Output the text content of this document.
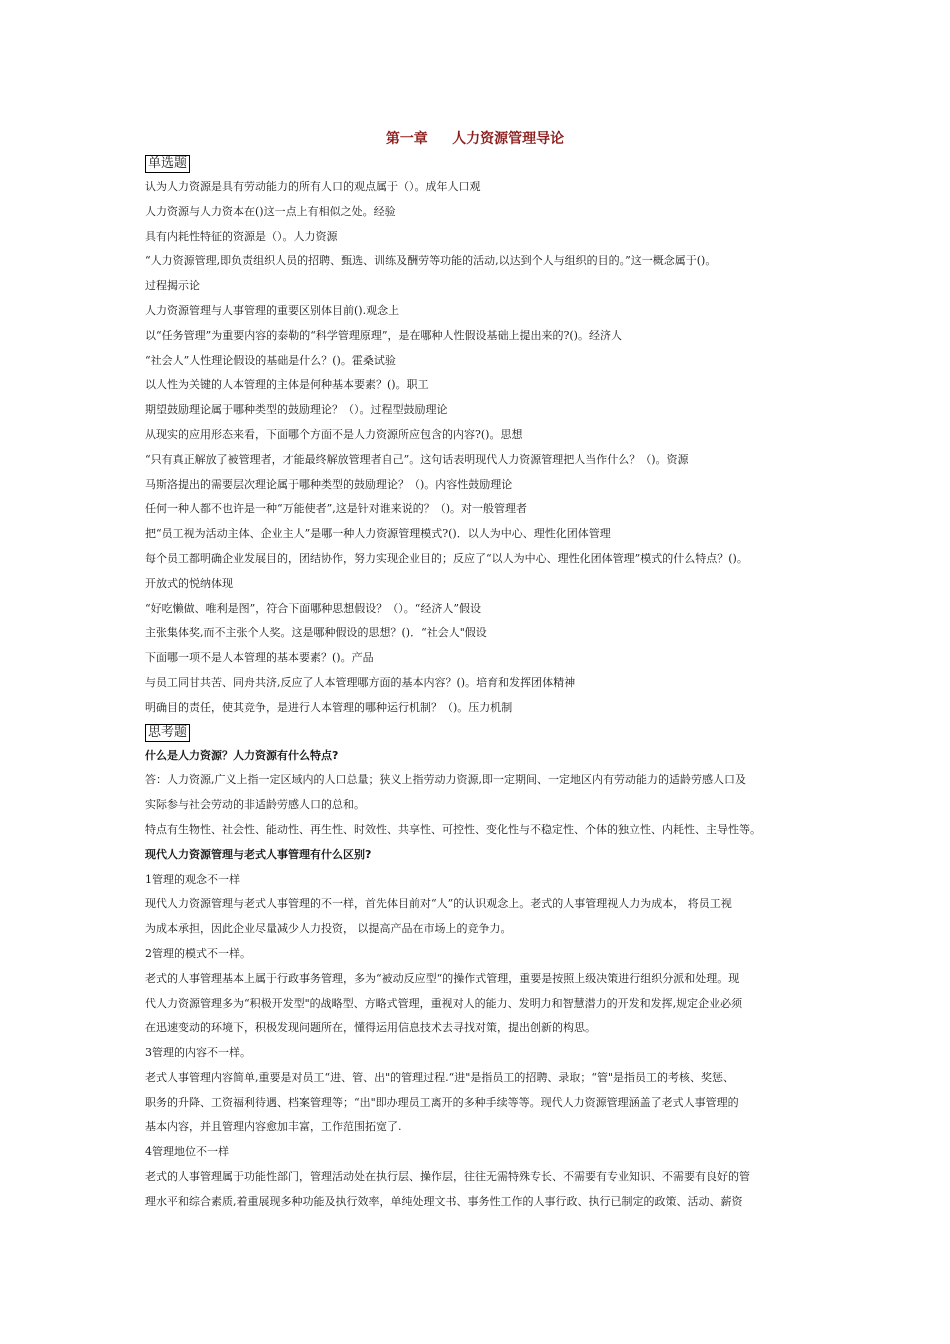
第一章     人力资源管理导论
单选题
认为人力资源是具有劳动能力的所有人口的观点属于（）。成年人口观
人力资源与人力资本在()这一点上有相似之处。经验
具有内耗性特征的资源是（）。人力资源
“人力资源管理,即负责组织人员的招聘、甄选、训练及酬劳等功能的活动,以达到个人与组织的目的。”这一概念属于()。
过程揭示论
人力资源管理与人事管理的重要区别体目前().观念上
以“任务管理”为重要内容的泰勒的“科学管理原理”，是在哪种人性假设基础上提出来的?()。经济人
“社会人”人性理论假设的基础是什么？()。霍桑试验
以人性为关键的人本管理的主体是何种基本要素？()。职工
期望鼓励理论属于哪种类型的鼓励理论？（）。过程型鼓励理论
从现实的应用形态来看，下面哪个方面不是人力资源所应包含的内容?()。思想
“只有真正解放了被管理者，才能最终解放管理者自己”。这句话表明现代人力资源管理把人当作什么？（)。资源
马斯洛提出的需要层次理论属于哪种类型的鼓励理论？（)。内容性鼓励理论
任何一种人都不也许是一种“万能使者”,这是针对谁来说的？（)。对一般管理者
把“员工视为活动主体、企业主人”是哪一种人力资源管理模式?()．以人为中心、理性化团体管理
每个员工都明确企业发展目的，团结协作，努力实现企业目的；反应了“以人为中心、理性化团体管理”模式的什么特点？()。
开放式的悦纳体现
“好吃懒做、唯利是图”，符合下面哪种思想假设？（）。“经济人”假设
主张集体奖,而不主张个人奖。这是哪种假设的思想？()．“社会人"假设
下面哪一项不是人本管理的基本要素？()。产品
与员工同甘共苦、同舟共济,反应了人本管理哪方面的基本内容？()。培育和发挥团体精神
明确目的责任，使其竞争，是进行人本管理的哪种运行机制？（)。压力机制
思考题
什么是人力资源？人力资源有什么特点?
答：人力资源,广义上指一定区域内的人口总量；狭义上指劳动力资源,即一定期间、一定地区内有劳动能力的适龄劳感人口及
实际参与社会劳动的非适龄劳感人口的总和。
特点有生物性、社会性、能动性、再生性、时效性、共享性、可控性、变化性与不稳定性、个体的独立性、内耗性、主导性等。
现代人力资源管理与老式人事管理有什么区别?
1管理的观念不一样
现代人力资源管理与老式人事管理的不一样，首先体目前对“人”的认识观念上。老式的人事管理视人力为成本， 将员工视
为成本承担，因此企业尽量减少人力投资， 以提高产品在市场上的竞争力。
2管理的模式不一样。
老式的人事管理基本上属于行政事务管理，多为“被动反应型“的操作式管理，重要是按照上级决策进行组织分派和处理。现
代人力资源管理多为“积极开发型"的战略型、方略式管理，重视对人的能力、发明力和智慧潜力的开发和发挥,规定企业必须
在迅速变动的环境下，积极发现问题所在，懂得运用信息技术去寻找对策，提出创新的构思。
3管理的内容不一样。
老式人事管理内容简单,重要是对员工“进、管、出"的管理过程.“进"是指员工的招聘、录取；“管"是指员工的考核、奖惩、
职务的升降、工资福利待遇、档案管理等；“出"即办理员工离开的多种手续等等。现代人力资源管理涵盖了老式人事管理的
基本内容，并且管理内容愈加丰富，工作范围拓宽了.
4管理地位不一样
老式的人事管理属于功能性部门，管理活动处在执行层、操作层，往往无需特殊专长、不需要有专业知识、不需要有良好的管
理水平和综合素质,着重展现多种功能及执行效率，单纯处理文书、事务性工作的人事行政、执行已制定的政策、活动、薪资
